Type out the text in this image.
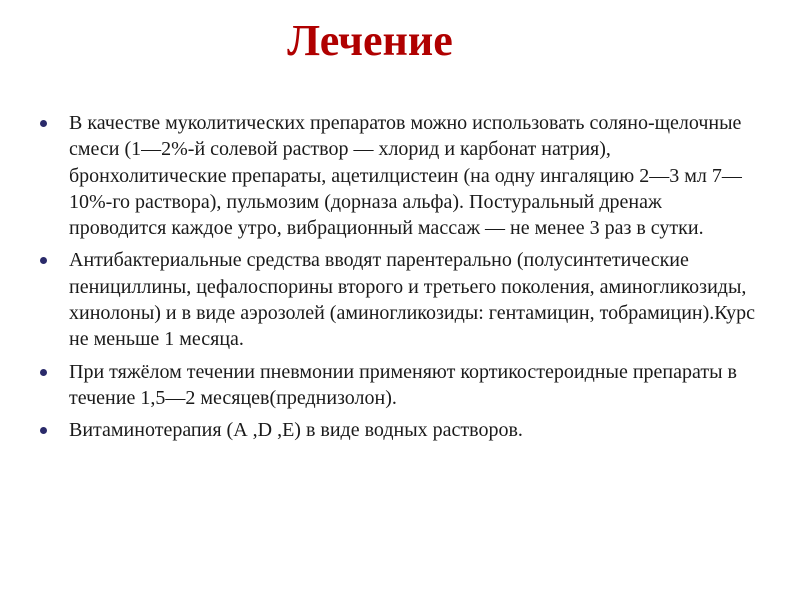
Лечение
В качестве муколитических препаратов можно использовать соляно-щелочные смеси (1—2%-й солевой раствор — хлорид и карбонат натрия), бронхолитические препараты, ацетилцистеин (на одну ингаляцию 2—3 мл 7—10%-го раствора), пульмозим (дорназа альфа). Постуральный дренаж проводится каждое утро, вибрационный массаж — не менее 3 раз в сутки.
Антибактериальные средства вводят парентерально (полусинтетические пенициллины, цефалоспорины второго и третьего поколения, аминогликозиды, хинолоны) и в виде аэрозолей (аминогликозиды: гентамицин, тобрамицин).Курс не меньше 1 месяца.
При тяжёлом течении пневмонии применяют кортикостероидные препараты в течение 1,5—2 месяцев(преднизолон).
Витаминотерапия (А ,D ,E) в виде водных растворов.
